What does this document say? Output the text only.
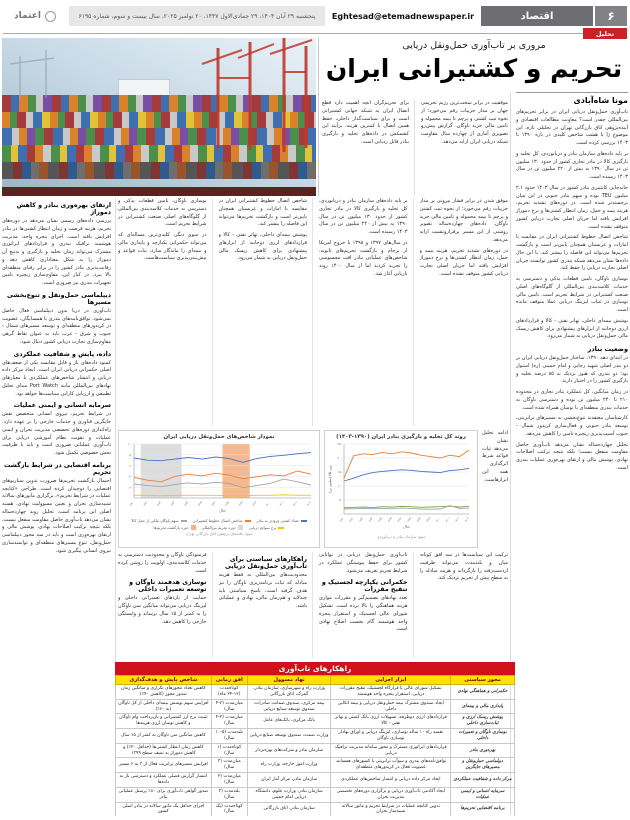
۶
اقتصاد
Eghtesad@etemadnewspaper.ir
پنجشنبه ۲۹ آبان ۱۴۰۴، ۲۹ جمادی‌الاول ۱۴۴۷، ۲۰ نوامبر ۲۰۲۵، سال بیست و سوم، شماره ۶۱۹۵
اعتماد
تحلیل
مروری بر تاب‌آوری حمل‌ونقل دریایی
تحریم و کشتیرانی ایران

موفقیت در برابر سخت‌ترین رژیم تحریمی جهان بر مدار جزییات رقم می‌خورد؛ از نحوه ثبت کشتی و پرچم تا بیمه محموله و تامین مالی خرید ناوگان. گزارش پیش‌رو تصویری آماری از چهارده سال مقاومت شبکه دریایی ایران ارایه می‌دهد.

برای تحریم‌گران آنچه اهمیت دارد قطع اتصال ایران به شبکه جهانی کشتیرانی است و برای سیاست‌گذار داخلی، حفظ همین اتصال با کمترین هزینه. برآیند این کشمکش در داده‌های تخلیه و بارگیری بنادر قابل ردیابی است.

مونا شاه‌آبادی

تاب‌آوری حمل‌ونقل دریایی ایران در برابر تحریم‌های بین‌المللی چقدر است؟ معاونت مطالعات اقتصادی و آینده‌پژوهی اتاق بازرگانی تهران در تحلیلی تازه، این موضوع را با هشت شاخص کلیدی در بازه ۱۳۹۰ تا ۱۴۰۳ بررسی کرده است.

بر پایه داده‌های سازمان بنادر و دریانوردی، کل تخلیه و بارگیری کالا در بنادر تجاری کشور از حدود ۱۳۰ میلیون تن در سال ۱۳۹۰ به بیش از ۲۲۰ میلیون تن در سال ۱۴۰۳ رسیده است.

جابه‌جایی کانتینری بنادر کشور در سال ۱۴۰۳ حدود ۲.۱ میلیون TEU بوده و سهم بنادر جنوبی در این میان برجسته‌تر شده است. در دوره‌های تشدید تحریم، هزینه بیمه و حمل، زمان انتظار کشتی‌ها و نرخ دموراژ افزایش یافته اما جریان اصلی تجارت دریایی کشور متوقف نشده است.

شاخص اتصال خطوط کشتیرانی ایران در مقایسه با امارات و عربستان همچنان پایین‌تر است و بازگشت تحریم‌ها می‌تواند این فاصله را بیشتر کند. با این حال داده‌ها نشان می‌دهد شبکه بندری کشور توانسته جریان اصلی تجارت دریایی را حفظ کند.

نوسازی ناوگان، تامین قطعات یدکی و دسترسی به خدمات کلاسه‌بندی بین‌المللی از گلوگاه‌های اصلی صنعت کشتیرانی در شرایط تحریم است. تامین مالی نوسازی در غیاب لیزینگ دریایی عملا متوقف مانده است.

پوشش بیمه‌ای داخلی، تهاتر نفتی - کالا و قراردادهای ارزی دوجانبه از ابزارهای پیشنهادی برای کاهش ریسک مالی حمل‌ونقل دریایی به شمار می‌رود.

وضعیت بنادر

در ابتدای دهه ۱۳۹۰، ساختار حمل‌ونقل دریایی ایران بر دو بندر اصلی شهید رجایی و امام خمینی (ره) استوار بود؛ دو بندری که هنوز نزدیک به ۸۵ درصد تخلیه و بارگیری کشور را در اختیار دارند.

در زمان میانگین، کل عملکرد بنادر تجاری در محدوده ۲۱۰ تا ۲۴۰ میلیون تن بوده و دسترسی ناوگان به خدمات بندری منطقه‌ای با نوسان همراه شده است.

کارشناسان معتقدند تنوع‌بخشی به مسیرهای ترانزیتی، توسعه بنادر جنوبی و فعال‌سازی کریدور شمال - جنوب آسیب‌پذیری زنجیره تامین را کاهش می‌دهد.

تحلیل چهارده‌ساله نشان می‌دهد تاب‌آوری حاصل مقاومت منفعل نیست؛ بلکه نتیجه ترکیب اصلاحات نهادی، پوشش مالی و ارتقای بهره‌وری عملیات بندری است.

ارتقای بهره‌وری بنادر و کاهش دموراژ

بررسی داده‌های رسمی نشان می‌دهد در دوره‌های تحریم، هزینه فرصت و زمان انتظار کشتی‌ها در بنادر افزایش یافته است. اجرای پنجره واحد، مدیریت هوشمند ترافیک بندری و قراردادهای اپراتوری مشترک می‌تواند زمان تخلیه و بارگیری و به‌تبع آن دموراژ را به شکل معناداری کاهش دهد و رقابت‌پذیری بنادر کشور را در برابر رقبای منطقه‌ای بالا ببرد. در کنار این، مقاوم‌سازی زنجیره تامین تجهیزات بندری نیز ضروری است.

دیپلماسی حمل‌ونقل و تنوع‌بخشی مسیرها

تاب‌آوری در دریا بدون دیپلماسی فعال حاصل نمی‌شود. توافق‌نامه‌های بندری با همسایگان، عضویت در کریدورهای منطقه‌ای و توسعه مسیرهای شمال - جنوب و شرق - غرب باید به عنوان نقاط گرهی مقاوم‌سازی تجارت دریایی کشور دنبال شود.

داده، پایش و شفافیت عملکردی

کمبود داده‌های باز و قابل مقایسه یکی از ضعف‌های اصلی حکمرانی دریایی ایران است. ایجاد مرکز داده دریایی و انتشار شاخص‌های عملکردی با معیارهای نهادهای بین‌المللی مانند Port Watch مبنای تحلیل تطبیقی و ارزیابی کارایی سیاست‌ها خواهد بود.

سرمایه انسانی و ایمنی عملیات

در شرایط تحریم، نیروی انسانی متخصص نقش جایگزین فناوری و خدمات خارجی را بر عهده دارد. راه‌اندازی دوره‌های تخصصی مدیریت بحران و ایمنی عملیات و تقویت نظام آموزشی دریایی برای تاب‌آوری عملیاتی ضروری است و باید با ظرفیت بخش خصوصی تکمیل شود.

برنامه اقتضایی در شرایط بازگشت تحریم

احتمال بازگشت تحریم‌ها ضرورت تدوین سناریوهای اقتضایی را دوچندان کرده است. طراحی «کتابچه عملیات در شرایط تحریم»، برگزاری مانورهای سالانه شبیه‌سازی بحران و تعیین مسوولیت نهادی، هسته اصلی این برنامه است. تحلیل روند چهارده‌ساله نشان می‌دهد تاب‌آوری حاصل مقاومت منفعل نیست، بلکه نتیجه ترکیب اصلاحات نهادی، پوشش مالی و ارتقای بهره‌وری است و باید در سه محور دیپلماسی حمل‌ونقل، تنوع مسیرهای منطقه‌ای و توانمندسازی نیروی انسانی پیگیری شود.

موفق شدن در برابر فشار بیرونی بر مدار جزییات رقم می‌خورد؛ از نحوه ثبت کشتی و پرچم تا بیمه محموله و تامین مالی خرید ناوگان. داده‌های چهارده‌ساله تصویر روشنی از این مسیر پرفرازونشیب ارایه می‌دهد.

در دوره‌های تشدید تحریم، هزینه بیمه و حمل، زمان انتظار کشتی‌ها و نرخ دموراژ افزایش یافته اما جریان اصلی تجارت دریایی کشور متوقف نشده است.

بر پایه داده‌های سازمان بنادر و دریانوردی، کل تخلیه و بارگیری کالا در بنادر تجاری کشور از حدود ۱۳۰ میلیون تن در سال ۱۳۹۰ به بیش از ۲۲۰ میلیون تن در سال ۱۴۰۳ رسیده است.

در سال‌های ۱۳۹۷ و ۱۳۹۸ با خروج امریکا از برجام و بازگشت تحریم‌های ثانویه، شاخص‌های عملیاتی بنادر افت محسوسی را تجربه کردند اما از سال ۱۴۰۰ روند بازیابی آغاز شد.

شاخص اتصال خطوط کشتیرانی ایران در مقایسه با امارات و عربستان همچنان پایین‌تر است و بازگشت تحریم‌ها می‌تواند این فاصله را بیشتر کند.

پوشش بیمه‌ای داخلی، تهاتر نفتی - کالا و قراردادهای ارزی دوجانبه از ابزارهای پیشنهادی برای کاهش ریسک مالی حمل‌ونقل دریایی به شمار می‌رود.

نوسازی ناوگان، تامین قطعات یدکی و دسترسی به خدمات کلاسه‌بندی بین‌المللی از گلوگاه‌های اصلی صنعت کشتیرانی در شرایط تحریم است.

در سوی دیگر، کلیدی‌ترین مساله‌ای که می‌تواند حکمرانی یکپارچه و پایداری مالی و بیمه‌ای را ماندگار سازد، ثبات قواعد و پیش‌بینی‌پذیری سیاست‌هاست.

نمودار شاخص‌های حمل‌ونقل دریایی ایران
۰
۲۰
۴۰
۶۰
۸۰
۱۰۰
۱۳۹۰	۱۳۹۱	۱۳۹۲	۱۳۹۳	۱۳۹۴	۱۳۹۵	۱۳۹۶	۱۳۹۷	۱۳۹۸	۱۳۹۹	۱۴۰۰	۱۴۰۱	۱۴۰۲	۱۴۰۳
سال
تعداد کشتی ورودی به بنادر
شاخص اتصال خطوط کشتیرانی
سهم ناوگان ملکی از حمل کالا
نرخ سوانح دریایی
دوره تحریم بین‌المللی
دوره بازگشت تحریم‌ها
منبع: یافته‌های پژوهش اتاق بازرگانی تهران
روند کل تخلیه و بارگیری بنادر ایران (۱۳۹۰-۱۴۰۳)
۰
۵۰
۱۰۰
۱۵۰
۲۰۰
۲۵۰
۱۳۹۰ ۱۳۹۱ ۱۳۹۲ ۱۳۹۳ ۱۳۹۴ ۱۳۹۵ ۱۳۹۶ ۱۳۹۷ ۱۳۹۸ ۱۳۹۹ ۱۴۰۰ ۱۴۰۱ ۱۴۰۲ ۱۴۰۳
سال
وزن کالا (میلیون تن)
منبع: سازمان بنادر و دریانوردی

ادامه تحلیل نشان می‌دهد ثبات قواعد شرط اثرگذاری همه این ابزارهاست.

ترکیب این سیاست‌ها در سه افق کوتاه، میان و بلندمدت می‌تواند ظرفیت ازدست‌رفته را بازگرداند و هزینه مبادله را به سطح پیش از تحریم نزدیک کند.

تاب‌آوری حمل‌ونقل دریایی در توانایی کشور برای حفظ پیوستگی عملکرد در شرایط تحریم تعریف می‌شود.

حکمرانی یکپارچه لجستیک و تنقیح مقررات

تعدد نهادهای تصمیم‌گیر و مقررات موازی هزینه هماهنگی را بالا برده است. تشکیل شورای عالی لجستیک و استقرار پنجره واحد هوشمند گام نخست اصلاح نهادی است.

راهکارهای سیاستی برای تاب‌آوری حمل‌ونقل دریایی

محدودیت‌های بین‌المللی نه فقط هزینه مبادله که ثبات برنامه‌ریزی ناوگان را نیز هدف گرفته است. پاسخ سیاستی باید چندلایه و هم‌زمان مالی، نهادی و عملیاتی باشد.

فرسودگی ناوگان و محدودیت دسترسی به خدمات کلاسه‌بندی، اولویت را روشن کرده است.

نوسازی هدفمند ناوگان و توسعه تعمیرات داخلی

حمایت از یاردهای تعمیراتی داخلی و لیزینگ دریایی می‌تواند میانگین سن ناوگان را به کمتر از ۱۵ سال برساند و وابستگی خارجی را کاهش دهد.

راهکارهای تاب‌آوری
محور سیاستی	ابزار اجرایی	نهاد مسوول	افق زمانی	شاخص پایش و هدف‌گذاری
حکمرانی و هماهنگی نهادی	تشکیل شورای عالی یا قرارگاه لجستیک، تنقیح مقررات دریایی، استقرار پنجره واحد هوشمند	وزارت راه و شهرسازی، سازمان بنادر، گمرک، اتاق بازرگانی	کوتاه‌مدت (۱۲-۲۴ ماه)	کاهش تعداد مجوزهای تکراری و میانگین زمان صدور مجوز (کاهش ۴۰٪)
پایداری مالی و بیمه‌ای	ایجاد صندوق مشترک بیمه حمل‌ونقل دریایی و بیمه اتکایی داخلی	بیمه مرکزی، صندوق ضمانت صادرات، صندوق توسعه صنایع دریایی	میان‌مدت (۲-۴ سال)	افزایش سهم پوشش بیمه‌ای داخلی از کل ناوگان (به ۶۰٪)
پوشش ریسک ارزی و ثبات‌سازی داخلی	قراردادهای ارزی دوطرفه، تسهیلات ارزی بانک کشتی و تهاتر نفتی - کالا	بانک مرکزی، بانک‌های عامل	میان‌مدت (۲-۴ سال)	تثبیت نرخ ارز کشتیرانی و بازپرداخت وام ناوگان و کاهش نوسان ارزی هزینه‌ها
نوسازی ناوگان و تعمیرات داخلی	نقشه راه ۱۰ ساله نوسازی، لیزینگ دریایی و اوراق بهادار نوسازی ناوگان	وزارت صمت، صندوق توسعه صنایع دریایی	بلندمدت (۵-۱۰ سال)	کاهش میانگین سن ناوگان به کمتر از ۱۵ سال
بهره‌وری بنادر	قراردادهای اپراتوری مشترک و محور سامانه مدیریت ترافیک دریایی	سازمان بنادر و شرکت‌های بهره‌بردار	کوتاه‌مدت (۱ سال)	کاهش زمان انتظار کشتی‌ها (حداقل ۲۰٪) و کاهش دموراژ به نصف سطح ۱۳۹۹
دیپلماسی حمل‌ونقل و مسیرهای جایگزین	توافق‌نامه‌های بندری و سوآپ ترانزیتی با کشورهای همسایه، عضویت فعال در کریدورهای منطقه‌ای	وزارت امور خارجه، وزارت راه	میان‌مدت (۳ سال)	افزایش مسیرهای ترانزیت فعال از ۳ به ۶ مسیر
مرکز داده و شفافیت عملکردی	ایجاد مرکز داده دریایی و انتشار شاخص‌های عملکردی	سازمان بنادر، مرکز آمار ایران	میان‌مدت (۲ سال)	انتشار گزارش فصلی عملکرد و دسترسی باز به داده‌ها
سرمایه انسانی و ایمنی عملیات	ایجاد آکادمی تاب‌آوری دریایی و برگزاری دوره‌های تخصصی مدیریت بحران	سازمان بنادر، وزارت علوم، دانشگاه دریایی امام خمینی	بلندمدت (۳ سال)	صدور گواهی تاب‌آوری برای ۸۰٪ پرسنل عملیاتی بنادر
برنامه اقتضایی تحریم‌ها	تدوین کتابچه عملیات در شرایط تحریم و مانور سالانه شبیه‌ساز بحران	سازمان بنادر، اتاق بازرگانی	کوتاه‌مدت (یک سال)	اجرای حداقل یک مانور سالانه در بنادر اصلی کشور
